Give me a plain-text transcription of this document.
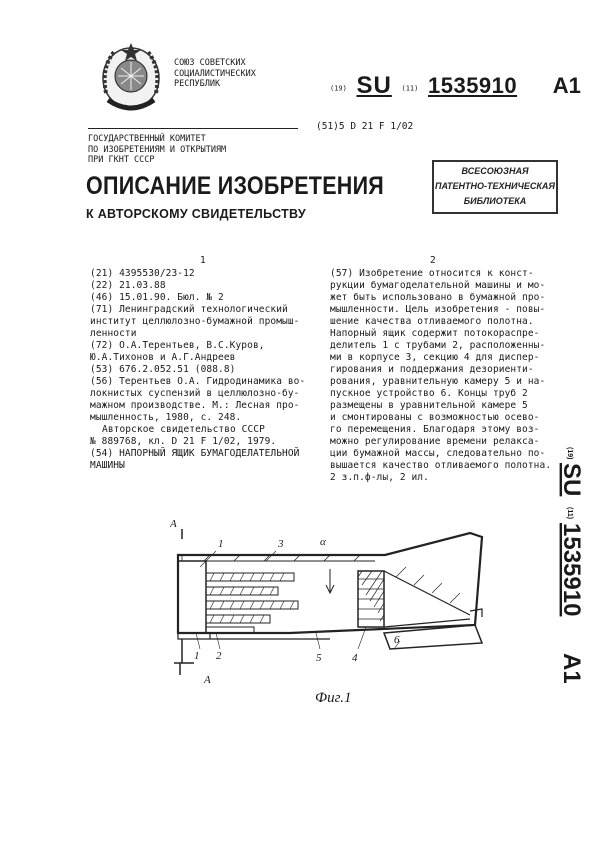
СОЮЗ СОВЕТСКИХ
СОЦИАЛИСТИЧЕСКИХ
РЕСПУБЛИК	(19) SU (11) 1535910 A1
(51)5 D 21 F 1/02
ГОСУДАРСТВЕННЫЙ КОМИТЕТ
ПО ИЗОБРЕТЕНИЯМ И ОТКРЫТИЯМ
ПРИ ГКНТ СССР
ОПИСАНИЕ ИЗОБРЕТЕНИЯ
К АВТОРСКОМУ СВИДЕТЕЛЬСТВУ
ВСЕСОЮЗНАЯ
ПАТЕНТНО-ТЕХНИЧЕСКАЯ
БИБЛИОТЕКА
1	2
(21) 4395530/23-12
(22) 21.03.88
(46) 15.01.90. Бюл. № 2
(71) Ленинградский технологический
институт целлюлозно-бумажной промыш-
ленности
(72) О.А.Терентьев, В.С.Куров,
Ю.А.Тихонов и А.Г.Андреев
(53) 676.2.052.51 (088.8)
(56) Терентьев О.А. Гидродинамика во-
локнистых суспензий в целлюлозно-бу-
мажном производстве. М.: Лесная про-
мышленность, 1980, с. 248.
Авторское свидетельство СССР
№ 889768, кл. D 21 F 1/02, 1979.
(54) НАПОРНЫЙ ЯЩИК БУМАГОДЕЛАТЕЛЬНОЙ
МАШИНЫ
(57) Изобретение относится к конст-
рукции бумагоделательной машины и мо-
жет быть использовано в бумажной про-
мышленности. Цель изобретения - повы-
шение качества отливаемого полотна.
Напорный ящик содержит потокораспре-
делитель 1 с трубами 2, расположенны-
ми в корпусе 3, секцию 4 для диспер-
гирования и поддержания дезориенти-
рования, уравнительную камеру 5 и на-
пускное устройство 6. Концы труб 2
размещены в уравнительной камере 5
и смонтированы с возможностью осево-
го перемещения. Благодаря этому воз-
можно регулирование времени релакса-
ции бумажной массы, следовательно по-
вышается качество отливаемого полотна.
2 з.п.ф-лы, 2 ил.
(19)
SU
(11)
1535910
A1
А
1	3	α
1 2	5	4
6
А
Фиг.1
